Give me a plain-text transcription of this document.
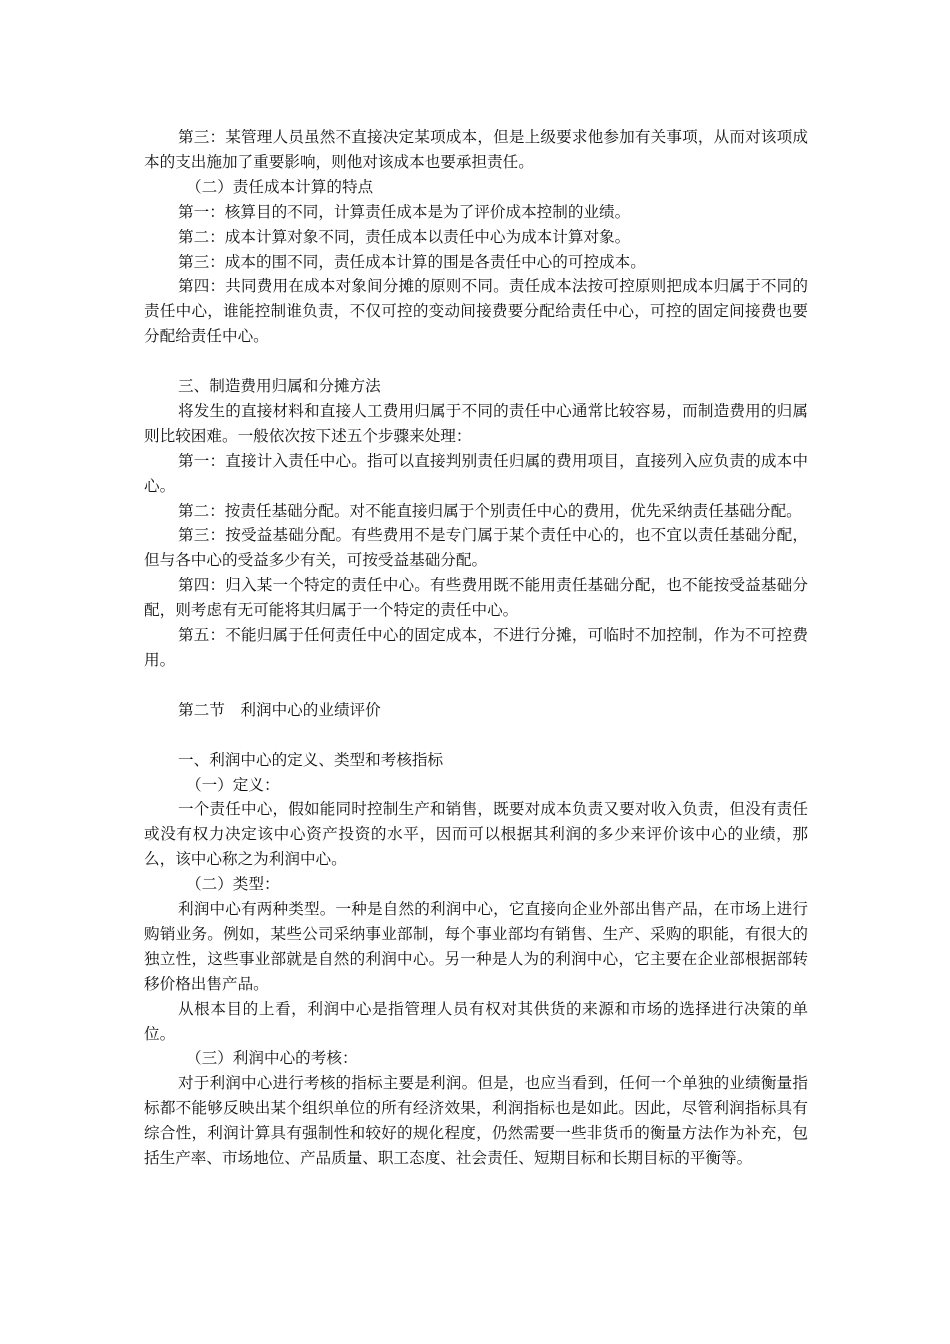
第三：某管理人员虽然不直接决定某项成本，但是上级要求他参加有关事项，从而对该项成本的支出施加了重要影响，则他对该成本也要承担责任。

（二）责任成本计算的特点

第一：核算目的不同，计算责任成本是为了评价成本控制的业绩。

第二：成本计算对象不同，责任成本以责任中心为成本计算对象。

第三：成本的围不同，责任成本计算的围是各责任中心的可控成本。

第四：共同费用在成本对象间分摊的原则不同。责任成本法按可控原则把成本归属于不同的责任中心，谁能控制谁负责，不仅可控的变动间接费要分配给责任中心，可控的固定间接费也要分配给责任中心。

三、制造费用归属和分摊方法

将发生的直接材料和直接人工费用归属于不同的责任中心通常比较容易，而制造费用的归属则比较困难。一般依次按下述五个步骤来处理：

第一：直接计入责任中心。指可以直接判别责任归属的费用项目，直接列入应负责的成本中心。

第二：按责任基础分配。对不能直接归属于个别责任中心的费用，优先采纳责任基础分配。

第三：按受益基础分配。有些费用不是专门属于某个责任中心的，也不宜以责任基础分配，但与各中心的受益多少有关，可按受益基础分配。

第四：归入某一个特定的责任中心。有些费用既不能用责任基础分配，也不能按受益基础分配，则考虑有无可能将其归属于一个特定的责任中心。

第五：不能归属于任何责任中心的固定成本，不进行分摊，可临时不加控制，作为不可控费用。

第二节　利润中心的业绩评价

一、利润中心的定义、类型和考核指标

（一）定义：

一个责任中心，假如能同时控制生产和销售，既要对成本负责又要对收入负责，但没有责任或没有权力决定该中心资产投资的水平，因而可以根据其利润的多少来评价该中心的业绩，那么，该中心称之为利润中心。

（二）类型：

利润中心有两种类型。一种是自然的利润中心，它直接向企业外部出售产品，在市场上进行购销业务。例如，某些公司采纳事业部制，每个事业部均有销售、生产、采购的职能，有很大的独立性，这些事业部就是自然的利润中心。另一种是人为的利润中心，它主要在企业部根据部转移价格出售产品。

从根本目的上看，利润中心是指管理人员有权对其供货的来源和市场的选择进行决策的单位。

（三）利润中心的考核：

对于利润中心进行考核的指标主要是利润。但是，也应当看到，任何一个单独的业绩衡量指标都不能够反映出某个组织单位的所有经济效果，利润指标也是如此。因此，尽管利润指标具有综合性，利润计算具有强制性和较好的规化程度，仍然需要一些非货币的衡量方法作为补充，包括生产率、市场地位、产品质量、职工态度、社会责任、短期目标和长期目标的平衡等。
